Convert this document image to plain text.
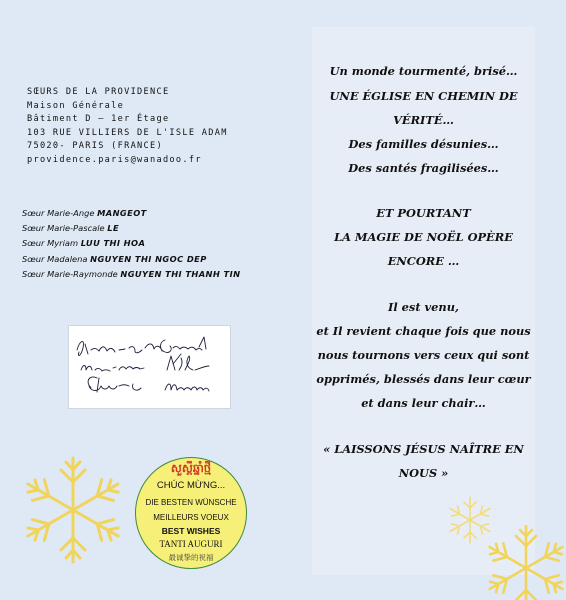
SŒURS DE LA PROVIDENCE
Maison Générale
Bâtiment D – 1er Étage
103 RUE VILLIERS DE L'ISLE ADAM
75020- PARIS (FRANCE)
providence.paris@wanadoo.fr
Sœur Marie-Ange MANGEOT
Sœur Marie-Pascale LE
Sœur Myriam LUU THI HOA
Sœur Madalena NGUYEN THI NGOC DEP
Sœur Marie-Raymonde NGUYEN THI THANH TIN
សួស្ដីឆ្នាំថ្មី
CHÚC MỪNG...
DIE BESTEN WÜNSCHE
MEILLEURS VOEUX
BEST WISHES
TANTI AUGURI
最诚挚的祝福
Un monde tourmenté, brisé…
UNE ÉGLISE EN CHEMIN DE
VÉRITÉ…
Des familles désunies…
Des santés fragilisées…
ET POURTANT
LA MAGIE DE NOËL OPÈRE
ENCORE …
Il est venu,
et Il revient chaque fois que nous
nous tournons vers ceux qui sont
opprimés, blessés dans leur cœur
et dans leur chair…
« LAISSONS JÉSUS NAÎTRE EN
NOUS »
